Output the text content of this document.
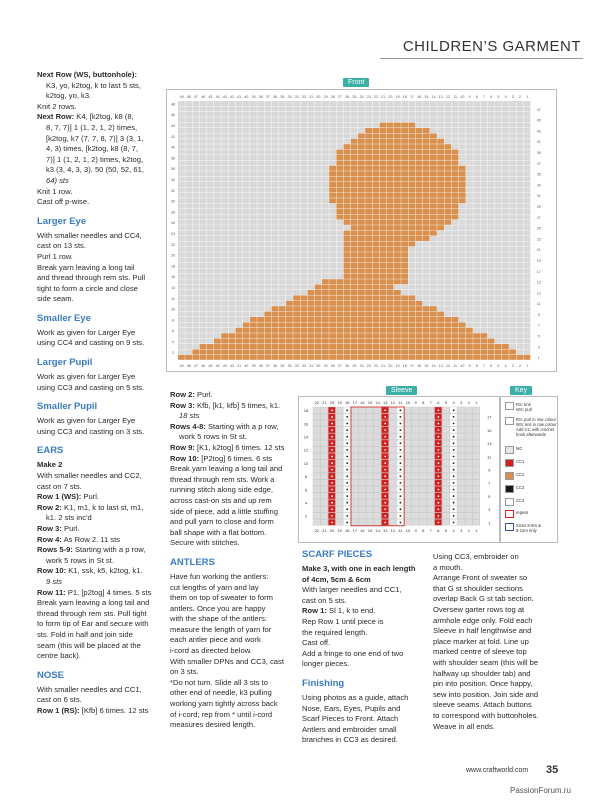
CHILDREN’S GARMENT
Front
49
49
48
48
47
47
46
46
45
45
44
44
43
43
42
42
41
41
40
40
39
39
38
38
37
37
36
36
35
35
34
34
33
33
32
32
31
31
30
30
29
29
28
28
27
27
26
26
25
25
24
24
23
23
22
22
21
21
20
20
19
19
18
18
17
17
16
16
15
15
14
14
13
13
12
12
11
11
10
10
9
9
8
8
7
7
6
6
5
5
4
4
3
3
2
2
1
1
48
47
46
45
44
43
42
41
40
39
38
37
36
35
34
33
32
31
30
29
28
27
26
25
24
23
22
21
20
19
18
17
16
15
14
13
12
11
10
9
8
7
6
5
4
3
2
1
Sleeve
22
22
21
21
20
20
19
19
18
18
17
17
16
16
15
15
14
14
13
13
12
12
11
11
10
10
9
9
8
8
7
7
6
6
5
5
4
4
3
3
2
2
1
1
18
17
16
15
14
13
12
11
10
9
8
7
6
5
4
3
2
1
Key
RS: knit
WS: purl
RS: purl in row colour
WS: knit in row colour
Add CC with crochet
hook afterwards
MC
CC1
CC2
CC3
CC4
repeat
Sizes 8-9m &
6-12m only

Next Row (WS, buttonhole):

K3, yo, k2tog, k to last 5 sts,

k2tog, yo, k3.

Knit 2 rows.

Next Row: K4, [k2tog, k8 (8,

8, 7, 7)] 1 (1, 2, 1, 2) times,

[k2tog, k7 (7, 7, 8, 7)] 3 (3, 1,

4, 3) times, [k2tog, k8 (8, 7,

7)] 1 (1, 2, 1, 2) times, k2tog,

k3 (3, 4, 3, 3). 50 (50, 52, 61,

64) sts

Knit 1 row.

Cast off p-wise.

Larger Eye

With smaller needles and CC4,

cast on 13 sts.

Purl 1 row.

Break yarn leaving a long tail

and thread through rem sts. Pull

tight to form a circle and close

side seam.

Smaller Eye

Work as given for Larger Eye

using CC4 and casting on 9 sts.

Larger Pupil

Work as given for Larger Eye

using CC3 and casting on 5 sts.

Smaller Pupil

Work as given for Larger Eye

using CC3 and casting on 3 sts.

EARS

Make 2

With smaller needles and CC2,

cast on 7 sts.

Row 1 (WS): Purl.

Row 2: K1, m1, k to last st, m1,

k1. 2 sts inc'd

Row 3: Purl.

Row 4: As Row 2. 11 sts

Rows 5-9: Starting with a p row,

work 5 rows in St st.

Row 10: K1, ssk, k5, k2tog, k1.

9 sts

Row 11: P1, [p2tog] 4 times. 5 sts

Break yarn leaving a long tail and

thread through rem sts. Pull tight

to form tip of Ear and secure with

sts. Fold in half and join side

seam (this will be placed at the

centre back).

NOSE

With smaller needles and CC1,

cast on 6 sts.

Row 1 (RS): [Kfb] 6 times. 12 sts

Row 2: Purl.

Row 3: Kfb, [k1, kfb] 5 times, k1.

18 sts

Rows 4-8: Starting with a p row,

work 5 rows in St st.

Row 9: [K1, k2tog] 6 times. 12 sts

Row 10: [P2tog] 6 times. 6 sts

Break yarn leaving a long tail and

thread through rem sts. Work a

running stitch along side edge,

across cast-on sts and up rem

side of piece, add a little stuffing

and pull yarn to close and form

ball shape with a flat bottom.

Secure with stitches.

ANTLERS

Have fun working the antlers:

cut lengths of yarn and lay

them on top of sweater to form

antlers. Once you are happy

with the shape of the antlers:

measure the length of yarn for

each antler piece and work

i-cord as directed below.

With smaller DPNs and CC3, cast

on 3 sts.

*Do not turn. Slide all 3 sts to

other end of needle, k3 pulling

working yarn tightly across back

of i-cord; rep from * until i-cord

measures desired length.

SCARF PIECES

Make 3, with one in each length

of 4cm, 5cm & 6cm

With larger needles and CC1,

cast on 5 sts.

Row 1: Sl 1, k to end.

Rep Row 1 until piece is

the required length.

Cast off.

Add a fringe to one end of two

longer pieces.

Finishing

Using photos as a guide, attach

Nose, Ears, Eyes, Pupils and

Scarf Pieces to Front. Attach

Antlers and embroider small

branches in CC3 as desired.

Using CC3, embroider on

a mouth.

Arrange Front of sweater so

that G st shoulder sections

overlap Back G st tab section.

Oversew garter rows tog at

armhole edge only. Fold each

Sleeve in half lengthwise and

place marker at fold. Line up

marked centre of sleeve top

with shoulder seam (this will be

halfway up shoulder tab) and

pin into position. Once happy,

sew into position. Join side and

sleeve seams. Attach buttons

to correspond with buttonholes.

Weave in all ends.

www.craftworld.com 35
PassionForum.ru
